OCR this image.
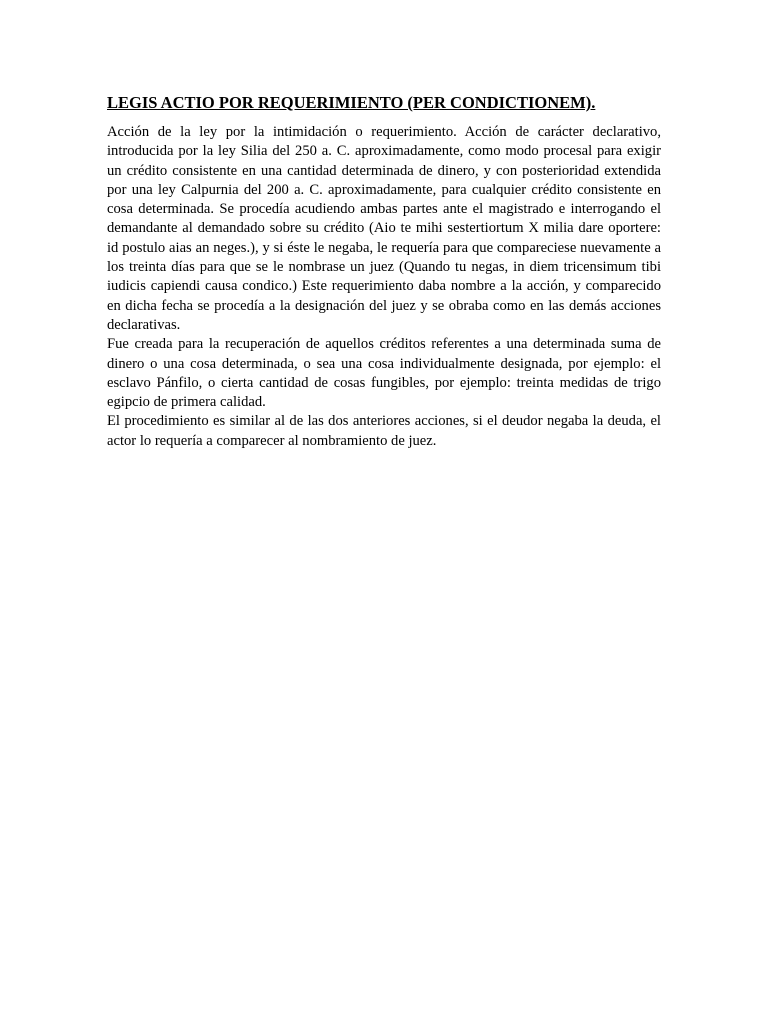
LEGIS ACTIO POR REQUERIMIENTO (PER CONDICTIONEM).

Acción de la ley por la intimidación o requerimiento. Acción de carácter declarativo, introducida por la ley Silia del 250 a. C. aproximadamente, como modo procesal para exigir un crédito consistente en una cantidad determinada de dinero, y con posterioridad extendida por una ley Calpurnia del 200 a. C. aproximadamente, para cualquier crédito consistente en cosa determinada. Se procedía acudiendo ambas partes ante el magistrado e interrogando el demandante al demandado sobre su crédito (Aio te mihi sestertiortum X milia dare oportere: id postulo aias an neges.), y si éste le negaba, le requería para que compareciese nuevamente a los treinta días para que se le nombrase un juez (Quando tu negas, in diem tricensimum tibi iudicis capiendi causa condico.) Este requerimiento daba nombre a la acción, y comparecido en dicha fecha se procedía a la designación del juez y se obraba como en las demás acciones declarativas.

Fue creada para la recuperación de aquellos créditos referentes a una determinada suma de dinero o una cosa determinada, o sea una cosa individualmente designada, por ejemplo: el esclavo Pánfilo, o cierta cantidad de cosas fungibles, por ejemplo: treinta medidas de trigo egipcio de primera calidad.

El procedimiento es similar al de las dos anteriores acciones, si el deudor negaba la deuda, el actor lo requería a comparecer al nombramiento de juez.
